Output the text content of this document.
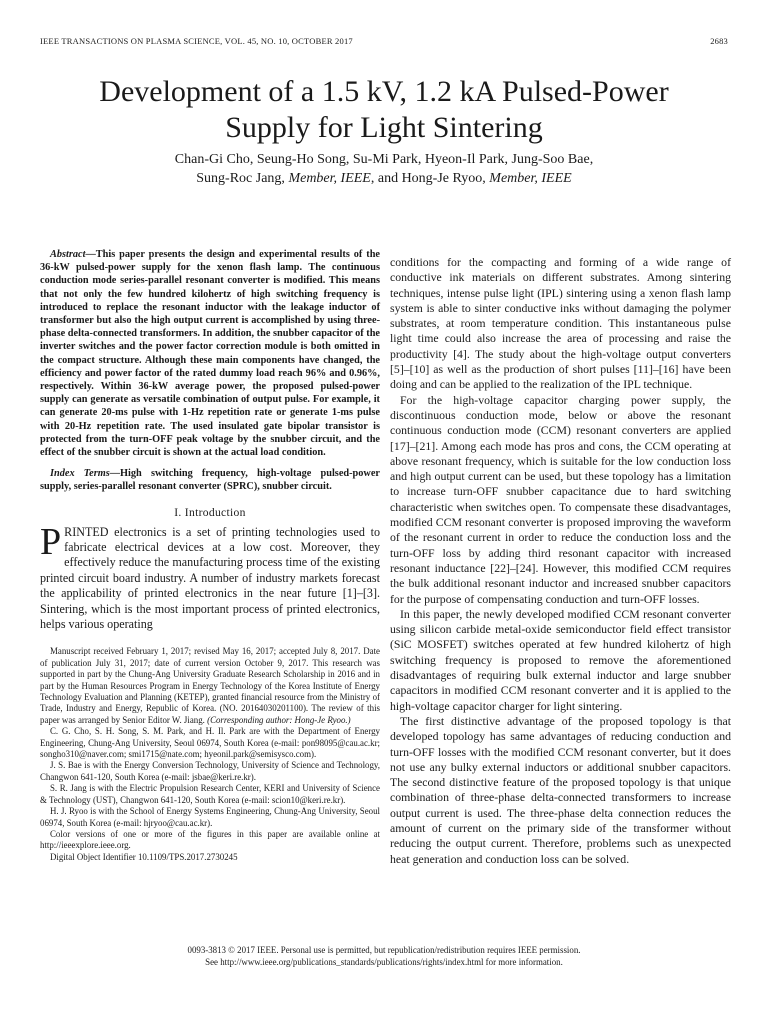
IEEE TRANSACTIONS ON PLASMA SCIENCE, VOL. 45, NO. 10, OCTOBER 2017	2683
Development of a 1.5 kV, 1.2 kA Pulsed-Power
Supply for Light Sintering
Chan-Gi Cho, Seung-Ho Song, Su-Mi Park, Hyeon-Il Park, Jung-Soo Bae,
Sung-Roc Jang, Member, IEEE, and Hong-Je Ryoo, Member, IEEE

Abstract—This paper presents the design and experimental results of the 36-kW pulsed-power supply for the xenon flash lamp. The continuous conduction mode series-parallel resonant converter is modified. This means that not only the few hundred kilohertz of high switching frequency is introduced to replace the resonant inductor with the leakage inductor of transformer but also the high output current is accomplished by using three-phase delta-connected transformers. In addition, the snubber capacitor of the inverter switches and the power factor correction module is both omitted in the compact structure. Although these main components have changed, the efficiency and power factor of the rated dummy load reach 96% and 0.96%, respectively. Within 36-kW average power, the proposed pulsed-power supply can generate as versatile combination of output pulse. For example, it can generate 20-ms pulse with 1-Hz repetition rate or generate 1-ms pulse with 20-Hz repetition rate. The used insulated gate bipolar transistor is protected from the turn-OFF peak voltage by the snubber circuit, and the effect of the snubber circuit is shown at the actual load condition.

Index Terms—High switching frequency, high-voltage pulsed-power supply, series-parallel resonant converter (SPRC), snubber circuit.

I. Introduction

PRINTED electronics is a set of printing technologies used to fabricate electrical devices at a low cost. Moreover, they effectively reduce the manufacturing process time of the existing printed circuit board industry. A number of industry markets forecast the applicability of printed electronics in the near future [1]–[3]. Sintering, which is the most important process of printed electronics, helps various operating

Manuscript received February 1, 2017; revised May 16, 2017; accepted July 8, 2017. Date of publication July 31, 2017; date of current version October 9, 2017. This research was supported in part by the Chung-Ang University Graduate Research Scholarship in 2016 and in part by the Human Resources Program in Energy Technology of the Korea Institute of Energy Technology Evaluation and Planning (KETEP), granted financial resource from the Ministry of Trade, Industry and Energy, Republic of Korea. (NO. 20164030201100). The review of this paper was arranged by Senior Editor W. Jiang. (Corresponding author: Hong-Je Ryoo.)

C. G. Cho, S. H. Song, S. M. Park, and H. Il. Park are with the Department of Energy Engineering, Chung-Ang University, Seoul 06974, South Korea (e-mail: pon98095@cau.ac.kr; songho310@naver.com; smi1715@nate.com; hyeonil.park@semisysco.com).

J. S. Bae is with the Energy Conversion Technology, University of Science and Technology, Changwon 641-120, South Korea (e-mail: jsbae@keri.re.kr).

S. R. Jang is with the Electric Propulsion Research Center, KERI and University of Science & Technology (UST), Changwon 641-120, South Korea (e-mail: scion10@keri.re.kr).

H. J. Ryoo is with the School of Energy Systems Engineering, Chung-Ang University, Seoul 06974, South Korea (e-mail: hjryoo@cau.ac.kr).

Color versions of one or more of the figures in this paper are available online at http://ieeexplore.ieee.org.

Digital Object Identifier 10.1109/TPS.2017.2730245

conditions for the compacting and forming of a wide range of conductive ink materials on different substrates. Among sintering techniques, intense pulse light (IPL) sintering using a xenon flash lamp system is able to sinter conductive inks without damaging the polymer substrates, at room temperature condition. This instantaneous pulse light time could also increase the area of processing and raise the productivity [4]. The study about the high-voltage output converters [5]–[10] as well as the production of short pulses [11]–[16] have been doing and can be applied to the realization of the IPL technique.

For the high-voltage capacitor charging power supply, the discontinuous conduction mode, below or above the resonant continuous conduction mode (CCM) resonant converters are applied [17]–[21]. Among each mode has pros and cons, the CCM operating at above resonant frequency, which is suitable for the low conduction loss and high output current can be used, but these topology has a limitation to increase turn-OFF snubber capacitance due to hard switching characteristic when switches open. To compensate these disadvantages, modified CCM resonant converter is proposed improving the waveform of the resonant current in order to reduce the conduction loss and the turn-OFF loss by adding third resonant capacitor with increased resonant inductance [22]–[24]. However, this modified CCM requires the bulk additional resonant inductor and increased snubber capacitors for the purpose of compensating conduction and turn-OFF losses.

In this paper, the newly developed modified CCM resonant converter using silicon carbide metal-oxide semiconductor field effect transistor (SiC MOSFET) switches operated at few hundred kilohertz of high switching frequency is proposed to remove the aforementioned disadvantages of requiring bulk external inductor and large snubber capacitors in modified CCM resonant converter and it is applied to the high-voltage capacitor charger for light sintering.

The first distinctive advantage of the proposed topology is that developed topology has same advantages of reducing conduction and turn-OFF losses with the modified CCM resonant converter, but it does not use any bulky external inductors or additional snubber capacitors. The second distinctive feature of the proposed topology is that unique combination of three-phase delta-connected transformers to increase output current is used. The three-phase delta connection reduces the amount of current on the primary side of the transformer without reducing the output current. Therefore, problems such as unexpected heat generation and conduction loss can be solved.

0093-3813 © 2017 IEEE. Personal use is permitted, but republication/redistribution requires IEEE permission.
See http://www.ieee.org/publications_standards/publications/rights/index.html for more information.
